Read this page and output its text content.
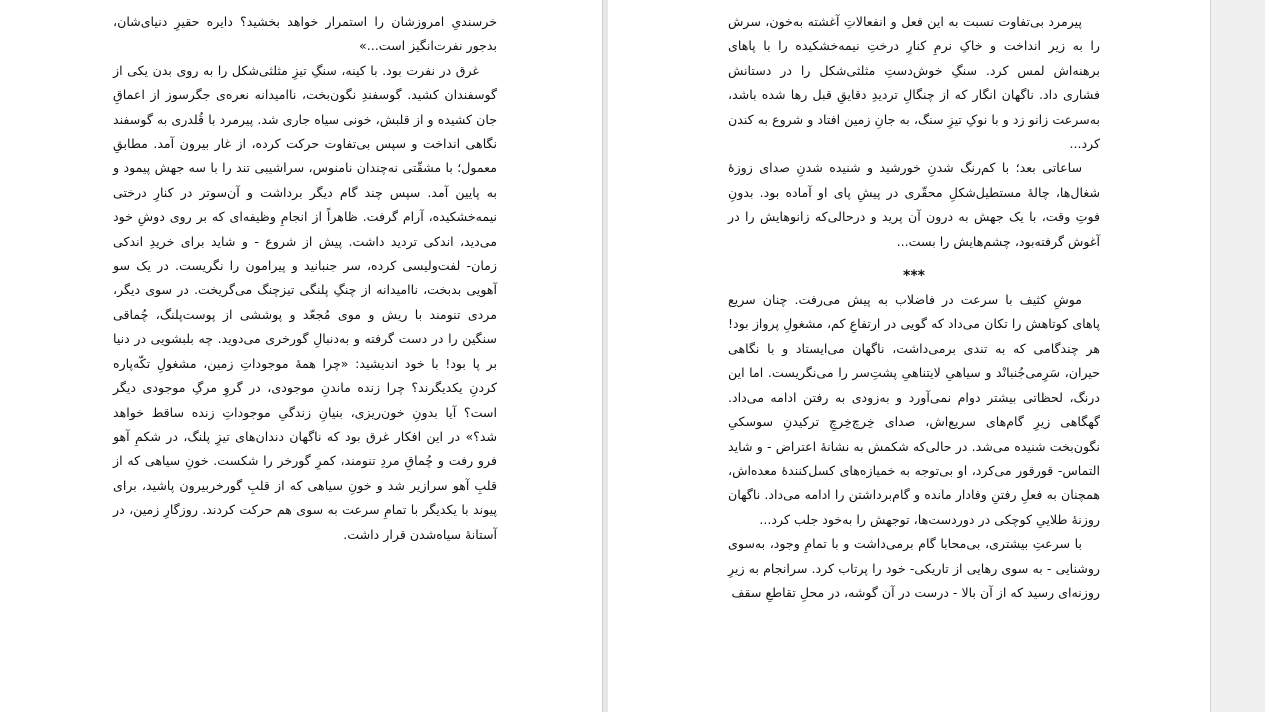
خرسندیِ امروزشان را استمرار خواهد بخشید؟ دایره حقیرِ دنیای‌شان، بدجور نفرت‌انگیز است...»

غرق در نفرت بود. با کینه، سنگِ تیزِ مثلثی‌شکل را به روی بدن یکی از گوسفندان کشید. گوسفندِ نگون‌بخت، ناامیدانه نعره‌ی جگرسوز از اعماقِ جان کشیده و از قلبش، خونی سیاه جاری شد. پیرمرد با قُلدری به گوسفند نگاهی انداخت و سپس بی‌تفاوت حرکت کرده، از غار بیرون آمد. مطابقِ معمول؛ با مشقّتی نه‌چندان نامنوس، سراشیبی تند را با سه جهش پیمود و به پایین آمد. سپس چند گام دیگر برداشت و آن‌سوتر در کنارِ درختی نیمه‌خشکیده، آرام گرفت. ظاهراً از انجامِ وظیفه‌ای که بر روی دوشِ خود می‌دید، اندکی تردید داشت. پیش از شروع - و شاید برای خریدِ اندکی زمان- لفت‌ولیسی کرده، سر جنبانید و پیرامون را نگریست. در یک سو آهویی بدبخت، ناامیدانه از چنگِ پلنگی تیزچنگ می‌گریخت. در سوی دیگر، مردی تنومند با ریش و موی مُجعّد و پوششی از پوست‌پلنگ، چُماقی سنگین را در دست گرفته و به‌دنبالِ گورخری می‌دوید. چه بلبشویی در دنیا بر پا بود! با خود اندیشید: «چرا همهٔ موجوداتِ زمین، مشغولِ تکّه‌پاره کردنِ یکدیگرند؟ چرا زنده ماندنِ موجودی، در گروِ مرگِ موجودی دیگر است؟ آیا بدونِ خون‌ریزی، بنیانِ زندگیِ موجوداتِ زنده ساقط خواهد شد؟» در این افکار غرق بود که ناگهان دندان‌های تیزِ پلنگ، در شکمِ آهو فرو رفت و چُماقِ مردِ تنومند، کمرِ گورخر را شکست. خونِ سیاهی که از قلبِ آهو سرازیر شد و خونِ سیاهی که از قلبِ گورخربیرون پاشید، برای پیوند با یکدیگر با تمامِ سرعت به سوی هم حرکت کردند. روزگارِ زمین، در آستانهٔ سیاه‌شدن قرار داشت.

پیرمرد بی‌تفاوت نسبت به این فعل و انفعالاتِ آغشته به‌خون، سرش را به زیر انداخت و خاکِ نرمِ کنارِ درختِ نیمه‌خشکیده را با پاهای برهنه‌اش لمس کرد. سنگِ خوش‌دستِ مثلثی‌شکل را در دستانش فشاری داد. ناگهان انگار که از چنگالِ تردیدِ دقایقِ قبل رها شده باشد، به‌سرعت زانو زد و با نوکِ تیزِ سنگ، به جانِ زمین افتاد و شروع به کندن کرد...

ساعاتی بعد؛ با کم‌رنگ شدنِ خورشید و شنیده شدنِ صدای زوزهٔ شغال‌ها، چالهٔ مستطیل‌شکلِ محقّری در پیشِ پای او آماده بود. بدونِ فوتِ وقت، با یک جهش به درون آن پرید و درحالی‌که زانوهایش را در آغوش گرفته‌بود، چشم‌هایش را بست...

***

موشِ کثیف با سرعت در فاضلاب به پیش می‌رفت. چنان سریع پاهای کوتاهش را تکان می‌داد که گویی در ارتفاعِ کم، مشغولِ پرواز بود! هر چندگامی که به تندی برمی‌داشت، ناگهان می‌ایستاد و با نگاهی حیران، سَرِمی‌جُنبانْد و سیاهیِ لایتناهیِ پشتِ‌سر را می‌نگریست. اما این درنگ، لحظاتی بیشتر دوام نمی‌آورد و به‌زودی به رفتن ادامه می‌داد. گهگاهی زیرِ گام‌های سریع‌اش، صدای خِرچ‌خِرچِ ترکیدنِ سوسکیِ نگون‌بخت شنیده می‌شد. در حالی‌که شکمش به نشانهٔ اعتراض - و شاید التماس- قورقور می‌کرد، او بی‌توجه به خمیازه‌های کسل‌کنندهٔ معده‌اش، همچنان به فعلِ رفتنِ وفادار مانده و گام‌برداشتن را ادامه می‌داد. ناگهان روزنهٔ طلاییِ کوچکی در دوردست‌ها، توجهش را به‌خود جلب کرد...

با سرعتِ بیشتری، بی‌محابا گام برمی‌داشت و با تمامِ وجود، به‌سوی روشنایی - به سوی رهایی از تاریکی- خود را پرتاب کرد. سرانجام به زیرِ روزنه‌ای رسید که از آن بالا - درست در آن گوشه، در محلِ تقاطعِ سقف
